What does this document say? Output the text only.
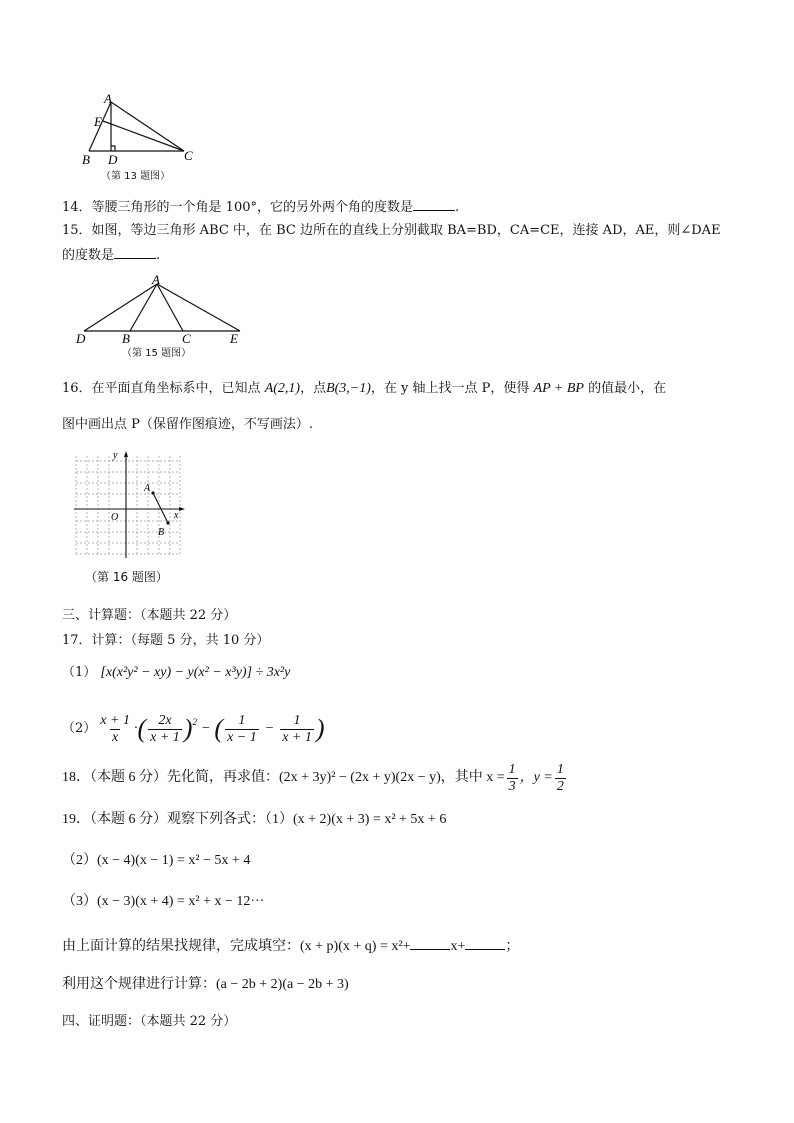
A
E
B D	C
（第 13 题图）
14．等腰三角形的一个角是 100°，它的另外两个角的度数是	.
15．如图，等边三角形 ABC 中，在 BC 边所在的直线上分别截取 BA=BD，CA=CE，连接 AD，AE，则∠DAE
的度数是	.
A
D	B	C	E
（第 15 题图）
16．在平面直角坐标系中，已知点 A(2,1)，点B(3,−1)，在 y 轴上找一点 P，使得 AP + BP 的值最小，在
图中画出点 P（保留作图痕迹，不写画法）.
y
x
O
A
B
（第 16 题图）
三、计算题：（本题共 22 分）
17．计算：（每题 5 分，共 10 分）
（1） [x(x²y² − xy) − y(x² − x³y)] ÷ 3x²y
$(2) \frac{x + 1}{x}$ · ( $\frac{2x}{x + 1} )^2$ − ( $\frac{1}{x - 1} - \frac{1}{x + 1}$ )
18．（本题 6 分）先化简，再求值：(2x + 3y)² − (2x + y)(2x − y)，其中 $x = \frac{1}{3}$ ，$y = \frac{1}{2}$
19．（本题 6 分）观察下列各式：（1）(x + 2)(x + 3) = x² + 5x + 6
（2）(x − 4)(x − 1) = x² − 5x + 4
（3）(x − 3)(x + 4) = x² + x − 12···
由上面计算的结果找规律，完成填空：(x + p)(x + q) = x²+	x+	；
利用这个规律进行计算：(a − 2b + 2)(a − 2b + 3)
四、证明题：（本题共 22 分）
